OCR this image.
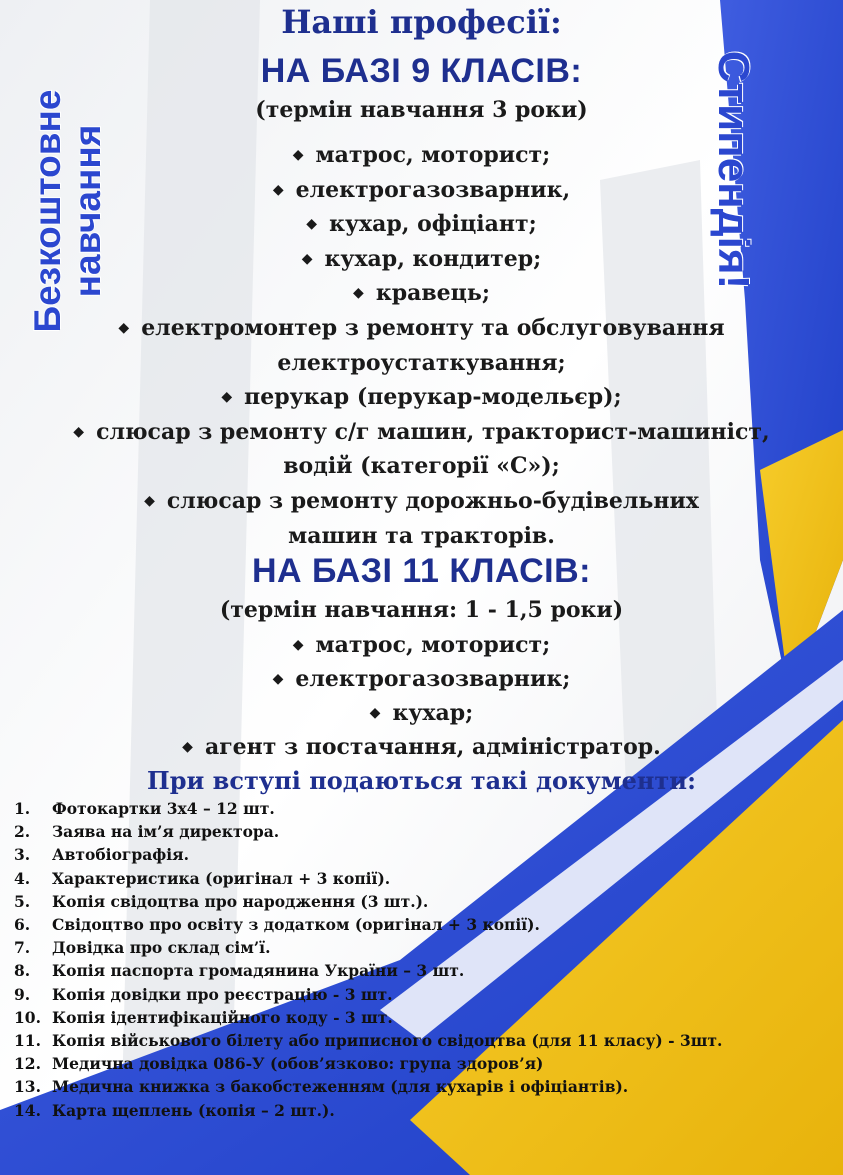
Безкоштовне
навчання	Стипендія!
Наші професії:
НА БАЗІ 9 КЛАСІВ:
(термін навчання 3 роки)
◆ матрос, моторист;
◆ електрогазозварник,
◆ кухар, офіціант;
◆ кухар, кондитер;
◆ кравець;
◆ електромонтер з ремонту та обслуговування
електроустаткування;
◆ перукар (перукар-модельєр);
◆ слюсар з ремонту с/г машин, тракторист-машиніст,
водій (категорії «С»);
◆ слюсар з ремонту дорожньо-будівельних
машин та тракторів.
НА БАЗІ 11 КЛАСІВ:
(термін навчання: 1 - 1,5 роки)
◆ матрос, моторист;
◆ електрогазозварник;
◆ кухар;
◆ агент з постачання, адміністратор.
При вступі подаються такі документи:
1. Фотокартки 3х4 – 12 шт.
2. Заява на ім’я директора.
3. Автобіографія.
4. Характеристика (оригінал + 3 копії).
5. Копія свідоцтва про народження (3 шт.).
6. Свідоцтво про освіту з додатком (оригінал + 3 копії).
7. Довідка про склад сім’ї.
8. Копія паспорта громадянина України – 3 шт.
9. Копія довідки про реєстрацію - 3 шт.
10. Копія ідентифікаційного коду - 3 шт.
11. Копія військового білету або приписного свідоцтва (для 11 класу) - 3шт.
12. Медична довідка 086-У (обов’язково: група здоров’я)
13. Медична книжка з бакобстеженням (для кухарів і офіціантів).
14. Карта щеплень (копія – 2 шт.).
